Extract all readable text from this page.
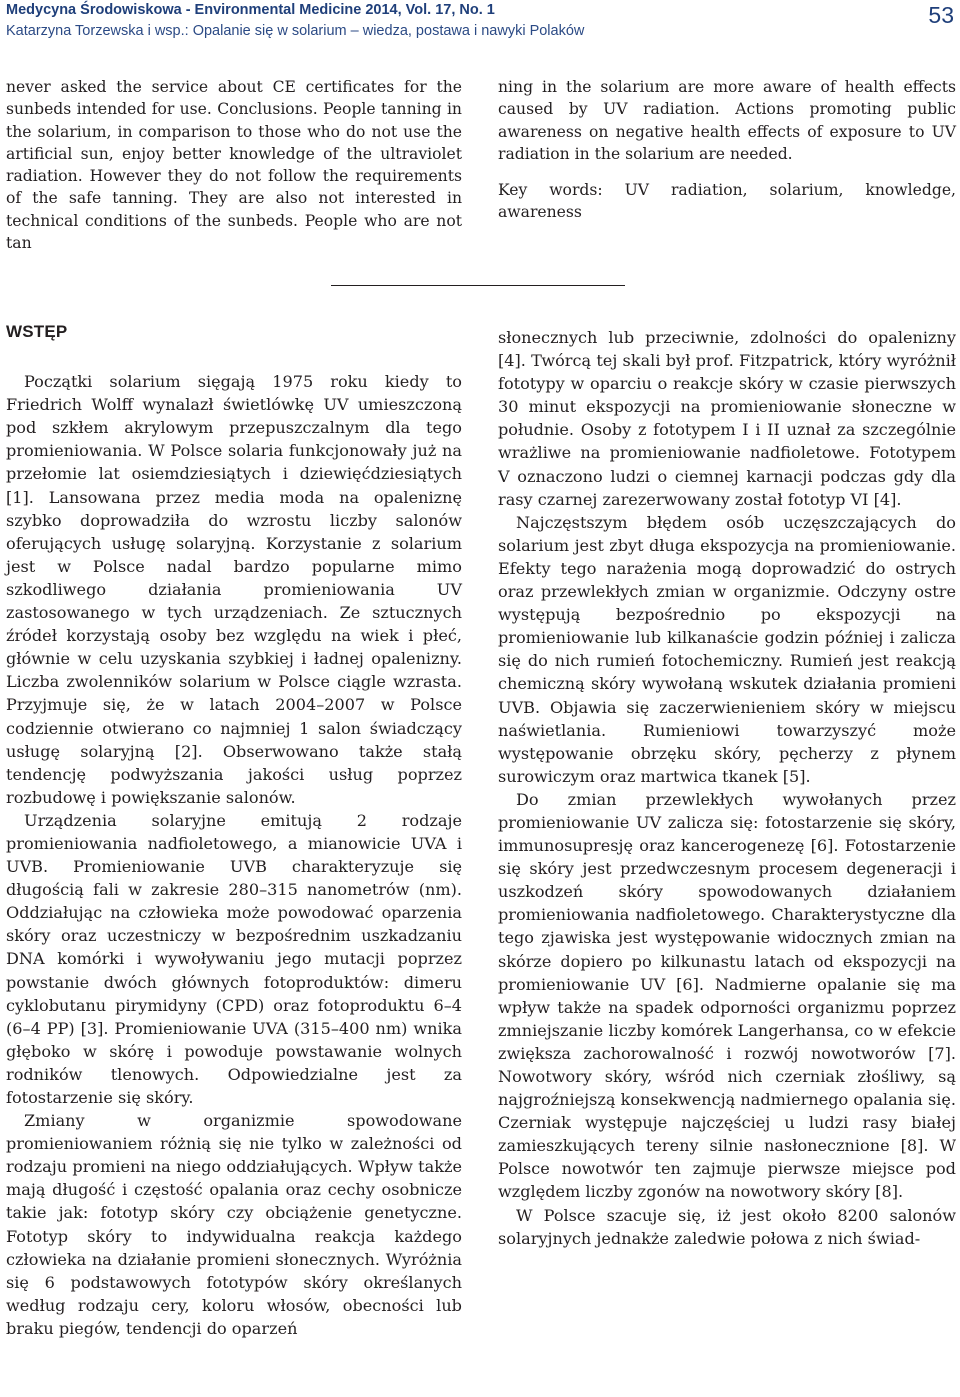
Medycyna Środowiskowa - Environmental Medicine 2014, Vol. 17, No. 1
Katarzyna Torzewska i wsp.: Opalanie się w solarium – wiedza, postawa i nawyki Polaków
53

never asked the service about CE certificates for the sunbeds intended for use. Conclusions. People tanning in the solarium, in comparison to those who do not use the artificial sun, enjoy better knowledge of the ultraviolet radiation. However they do not follow the requirements of the safe tanning. They are also not interested in technical conditions of the sunbeds. People who are not tan

ning in the solarium are more aware of health effects caused by UV radiation. Actions promoting public awareness on negative health effects of exposure to UV radiation in the solarium are needed.

Key words: UV radiation, solarium, knowledge, awareness

WSTĘP

Początki solarium sięgają 1975 roku kiedy to Friedrich Wolff wynalazł świetlówkę UV umieszczoną pod szkłem akrylowym przepuszczalnym dla tego promieniowania. W Polsce solaria funkcjonowały już na przełomie lat osiemdziesiątych i dziewięćdziesiątych [1]. Lansowana przez media moda na opaleniznę szybko doprowadziła do wzrostu liczby salonów oferujących usługę solaryjną. Korzystanie z solarium jest w Polsce nadal bardzo popularne mimo szkodliwego działania promieniowania UV zastosowanego w tych urządzeniach. Ze sztucznych źródeł korzystają osoby bez względu na wiek i płeć, głównie w celu uzyskania szybkiej i ładnej opalenizny. Liczba zwolenników solarium w Polsce ciągle wzrasta. Przyjmuje się, że w latach 2004–2007 w Polsce codziennie otwierano co najmniej 1 salon świadczący usługę solaryjną [2]. Obserwowano także stałą tendencję podwyższania jakości usług poprzez rozbudowę i powiększanie salonów.

Urządzenia solaryjne emitują 2 rodzaje promieniowania nadfioletowego, a mianowicie UVA i UVB. Promieniowanie UVB charakteryzuje się długością fali w zakresie 280–315 nanometrów (nm). Oddziałując na człowieka może powodować oparzenia skóry oraz uczestniczy w bezpośrednim uszkadzaniu DNA komórki i wywoływaniu jego mutacji poprzez powstanie dwóch głównych fotoproduktów: dimeru cyklobutanu pirymidyny (CPD) oraz fotoproduktu 6–4 (6–4 PP) [3]. Promieniowanie UVA (315–400 nm) wnika głęboko w skórę i powoduje powstawanie wolnych rodników tlenowych. Odpowiedzialne jest za fotostarzenie się skóry.

Zmiany w organizmie spowodowane promieniowaniem różnią się nie tylko w zależności od rodzaju promieni na niego oddziałujących. Wpływ także mają długość i częstość opalania oraz cechy osobnicze takie jak: fototyp skóry czy obciążenie genetyczne. Fototyp skóry to indywidualna reakcja każdego człowieka na działanie promieni słonecznych. Wyróżnia się 6 podstawowych fototypów skóry określanych według rodzaju cery, koloru włosów, obecności lub braku piegów, tendencji do oparzeń

słonecznych lub przeciwnie, zdolności do opalenizny [4]. Twórcą tej skali był prof. Fitzpatrick, który wyróżnił fototypy w oparciu o reakcje skóry w czasie pierwszych 30 minut ekspozycji na promieniowanie słoneczne w południe. Osoby z fototypem I i II uznał za szczególnie wrażliwe na promieniowanie nadfioletowe. Fototypem V oznaczono ludzi o ciemnej karnacji podczas gdy dla rasy czarnej zarezerwowany został fototyp VI [4].

Najczęstszym błędem osób uczęszczających do solarium jest zbyt długa ekspozycja na promieniowanie. Efekty tego narażenia mogą doprowadzić do ostrych oraz przewlekłych zmian w organizmie. Odczyny ostre występują bezpośrednio po ekspozycji na promieniowanie lub kilkanaście godzin później i zalicza się do nich rumień fotochemiczny. Rumień jest reakcją chemiczną skóry wywołaną wskutek działania promieni UVB. Objawia się zaczerwienieniem skóry w miejscu naświetlania. Rumieniowi towarzyszyć może występowanie obrzęku skóry, pęcherzy z płynem surowiczym oraz martwica tkanek [5].

Do zmian przewlekłych wywołanych przez promieniowanie UV zalicza się: fotostarzenie się skóry, immunosupresję oraz kancerogenezę [6]. Fotostarzenie się skóry jest przedwczesnym procesem degeneracji i uszkodzeń skóry spowodowanych działaniem promieniowania nadfioletowego. Charakterystyczne dla tego zjawiska jest występowanie widocznych zmian na skórze dopiero po kilkunastu latach od ekspozycji na promieniowanie UV [6]. Nadmierne opalanie się ma wpływ także na spadek odporności organizmu poprzez zmniejszanie liczby komórek Langerhansa, co w efekcie zwiększa zachorowalność i rozwój nowotworów [7]. Nowotwory skóry, wśród nich czerniak złośliwy, są najgroźniejszą konsekwencją nadmiernego opalania się. Czerniak występuje najczęściej u ludzi rasy białej zamieszkujących tereny silnie nasłonecznione [8]. W Polsce nowotwór ten zajmuje pierwsze miejsce pod względem liczby zgonów na nowotwory skóry [8].

W Polsce szacuje się, iż jest około 8200 salonów solaryjnych jednakże zaledwie połowa z nich świad-
